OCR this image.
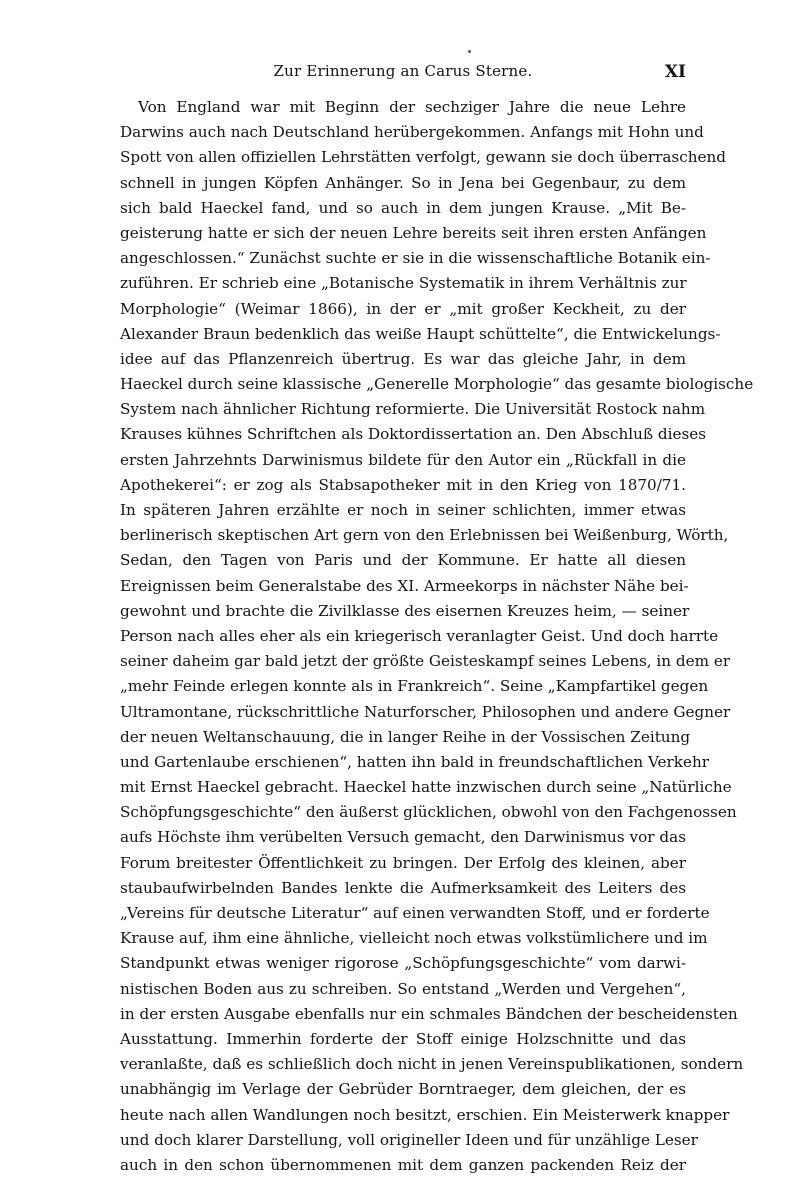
Zur Erinnerung an Carus Sterne.	XI
Von England war mit Beginn der sechziger Jahre die neue Lehre
Darwins auch nach Deutschland herübergekommen. Anfangs mit Hohn und
Spott von allen offiziellen Lehrstätten verfolgt, gewann sie doch überraschend
schnell in jungen Köpfen Anhänger. So in Jena bei Gegenbaur, zu dem
sich bald Haeckel fand, und so auch in dem jungen Krause. „Mit Be-
geisterung hatte er sich der neuen Lehre bereits seit ihren ersten Anfängen
angeschlossen.“ Zunächst suchte er sie in die wissenschaftliche Botanik ein-
zuführen. Er schrieb eine „Botanische Systematik in ihrem Verhältnis zur
Morphologie“ (Weimar 1866), in der er „mit großer Keckheit, zu der
Alexander Braun bedenklich das weiße Haupt schüttelte“, die Entwickelungs-
idee auf das Pflanzenreich übertrug. Es war das gleiche Jahr, in dem
Haeckel durch seine klassische „Generelle Morphologie“ das gesamte biologische
System nach ähnlicher Richtung reformierte. Die Universität Rostock nahm
Krauses kühnes Schriftchen als Doktordissertation an. Den Abschluß dieses
ersten Jahrzehnts Darwinismus bildete für den Autor ein „Rückfall in die
Apothekerei“: er zog als Stabsapotheker mit in den Krieg von 1870/71.
In späteren Jahren erzählte er noch in seiner schlichten, immer etwas
berlinerisch skeptischen Art gern von den Erlebnissen bei Weißenburg, Wörth,
Sedan, den Tagen von Paris und der Kommune. Er hatte all diesen
Ereignissen beim Generalstabe des XI. Armeekorps in nächster Nähe bei-
gewohnt und brachte die Zivilklasse des eisernen Kreuzes heim, — seiner
Person nach alles eher als ein kriegerisch veranlagter Geist. Und doch harrte
seiner daheim gar bald jetzt der größte Geisteskampf seines Lebens, in dem er
„mehr Feinde erlegen konnte als in Frankreich“. Seine „Kampfartikel gegen
Ultramontane, rückschrittliche Naturforscher, Philosophen und andere Gegner
der neuen Weltanschauung, die in langer Reihe in der Vossischen Zeitung
und Gartenlaube erschienen“, hatten ihn bald in freundschaftlichen Verkehr
mit Ernst Haeckel gebracht. Haeckel hatte inzwischen durch seine „Natürliche
Schöpfungsgeschichte“ den äußerst glücklichen, obwohl von den Fachgenossen
aufs Höchste ihm verübelten Versuch gemacht, den Darwinismus vor das
Forum breitester Öffentlichkeit zu bringen. Der Erfolg des kleinen, aber
staubaufwirbelnden Bandes lenkte die Aufmerksamkeit des Leiters des
„Vereins für deutsche Literatur“ auf einen verwandten Stoff, und er forderte
Krause auf, ihm eine ähnliche, vielleicht noch etwas volkstümlichere und im
Standpunkt etwas weniger rigorose „Schöpfungsgeschichte“ vom darwi-
nistischen Boden aus zu schreiben. So entstand „Werden und Vergehen“,
in der ersten Ausgabe ebenfalls nur ein schmales Bändchen der bescheidensten
Ausstattung. Immerhin forderte der Stoff einige Holzschnitte und das
veranlaßte, daß es schließlich doch nicht in jenen Vereinspublikationen, sondern
unabhängig im Verlage der Gebrüder Borntraeger, dem gleichen, der es
heute nach allen Wandlungen noch besitzt, erschien. Ein Meisterwerk knapper
und doch klarer Darstellung, voll origineller Ideen und für unzählige Leser
auch in den schon übernommenen mit dem ganzen packenden Reiz der
